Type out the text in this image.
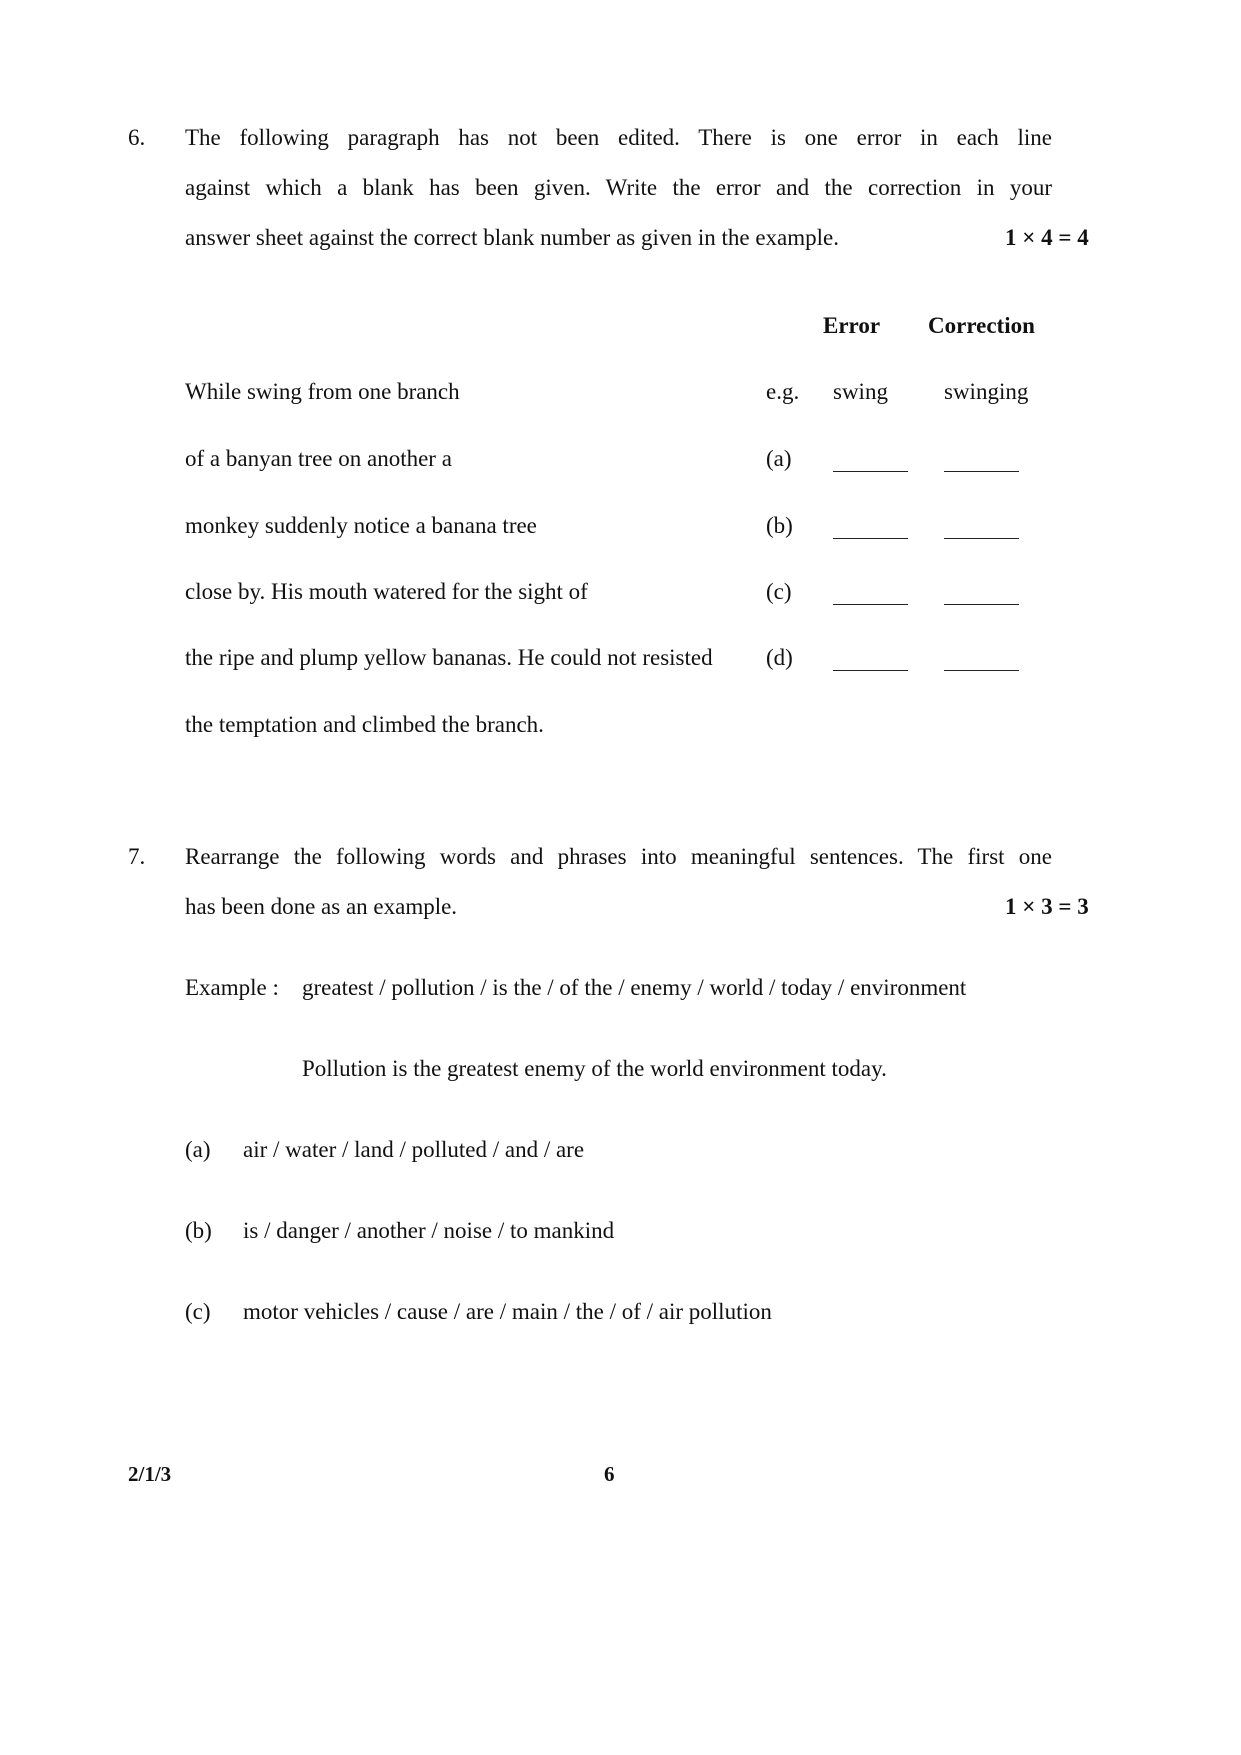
6. The following paragraph has not been edited. There is one error in each line
against which a blank has been given. Write the error and the correction in your
answer sheet against the correct blank number as given in the example.	1 × 4 = 4
Error Correction
While swing from one branch	e.g. swing swinging
of a banyan tree on another a	(a)
monkey suddenly notice a banana tree	(b)
close by. His mouth watered for the sight of	(c)
the ripe and plump yellow bananas. He could not resisted (d)
the temptation and climbed the branch.
7. Rearrange the following words and phrases into meaningful sentences. The first one
has been done as an example.	1 × 3 = 3
Example : greatest / pollution / is the / of the / enemy / world / today / environment
Pollution is the greatest enemy of the world environment today.
(a) air / water / land / polluted / and / are
(b) is / danger / another / noise / to mankind
(c) motor vehicles / cause / are / main / the / of / air pollution
2/1/3	6
